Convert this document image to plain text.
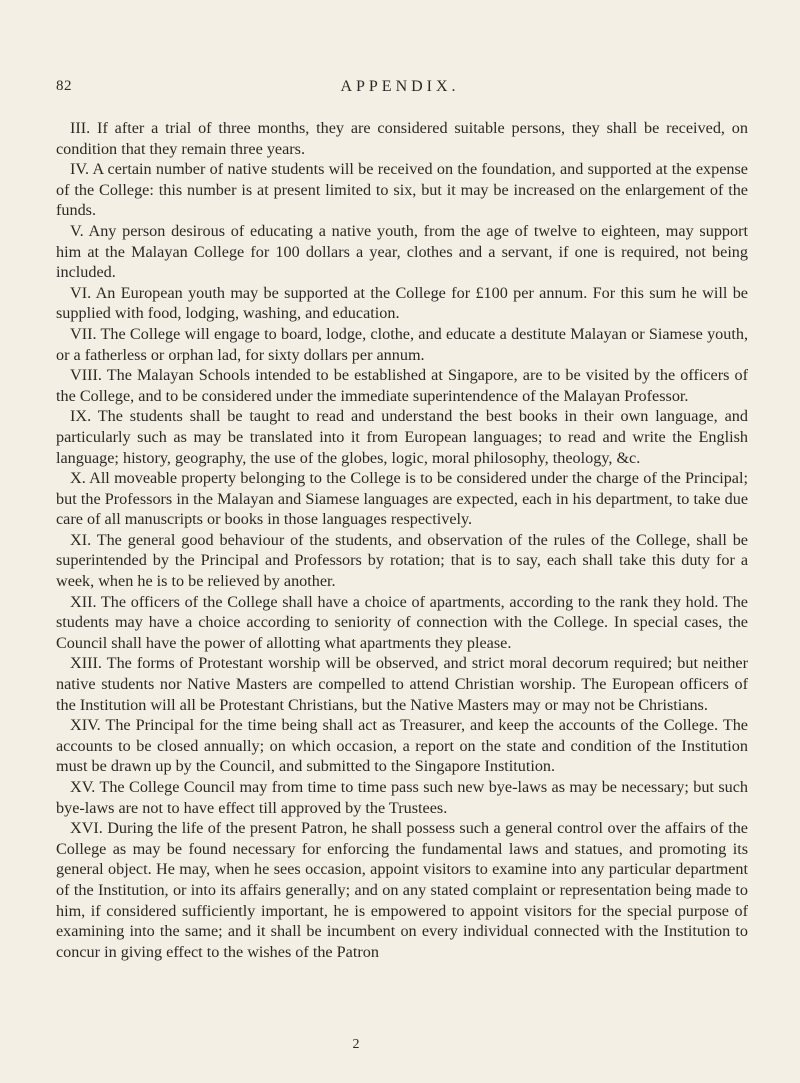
82	APPENDIX.

III. If after a trial of three months, they are considered suitable persons, they shall be received, on condition that they remain three years.

IV. A certain number of native students will be received on the foundation, and supported at the expense of the College: this number is at present limited to six, but it may be increased on the enlargement of the funds.

V. Any person desirous of educating a native youth, from the age of twelve to eighteen, may support him at the Malayan College for 100 dollars a year, clothes and a servant, if one is required, not being included.

VI. An European youth may be supported at the College for £100 per annum. For this sum he will be supplied with food, lodging, washing, and education.

VII. The College will engage to board, lodge, clothe, and educate a destitute Malayan or Siamese youth, or a fatherless or orphan lad, for sixty dollars per annum.

VIII. The Malayan Schools intended to be established at Singapore, are to be visited by the officers of the College, and to be considered under the immediate superintendence of the Malayan Professor.

IX. The students shall be taught to read and understand the best books in their own language, and particularly such as may be translated into it from European languages; to read and write the English language; history, geography, the use of the globes, logic, moral philosophy, theology, &c.

X. All moveable property belonging to the College is to be considered under the charge of the Principal; but the Professors in the Malayan and Siamese languages are expected, each in his department, to take due care of all manuscripts or books in those languages respectively.

XI. The general good behaviour of the students, and observation of the rules of the College, shall be superintended by the Principal and Professors by rotation; that is to say, each shall take this duty for a week, when he is to be relieved by another.

XII. The officers of the College shall have a choice of apartments, according to the rank they hold. The students may have a choice according to seniority of connection with the College. In special cases, the Council shall have the power of allotting what apartments they please.

XIII. The forms of Protestant worship will be observed, and strict moral decorum required; but neither native students nor Native Masters are compelled to attend Christian worship. The European officers of the Institution will all be Protestant Christians, but the Native Masters may or may not be Christians.

XIV. The Principal for the time being shall act as Treasurer, and keep the accounts of the College. The accounts to be closed annually; on which occasion, a report on the state and condition of the Institution must be drawn up by the Council, and submitted to the Singapore Institution.

XV. The College Council may from time to time pass such new bye-laws as may be necessary; but such bye-laws are not to have effect till approved by the Trustees.

XVI. During the life of the present Patron, he shall possess such a general control over the affairs of the College as may be found necessary for enforcing the fundamental laws and statues, and promoting its general object. He may, when he sees occasion, appoint visitors to examine into any particular department of the Institution, or into its affairs generally; and on any stated complaint or representation being made to him, if considered sufficiently important, he is empowered to appoint visitors for the special purpose of examining into the same; and it shall be incumbent on every individual connected with the Institution to concur in giving effect to the wishes of the Patron

2
